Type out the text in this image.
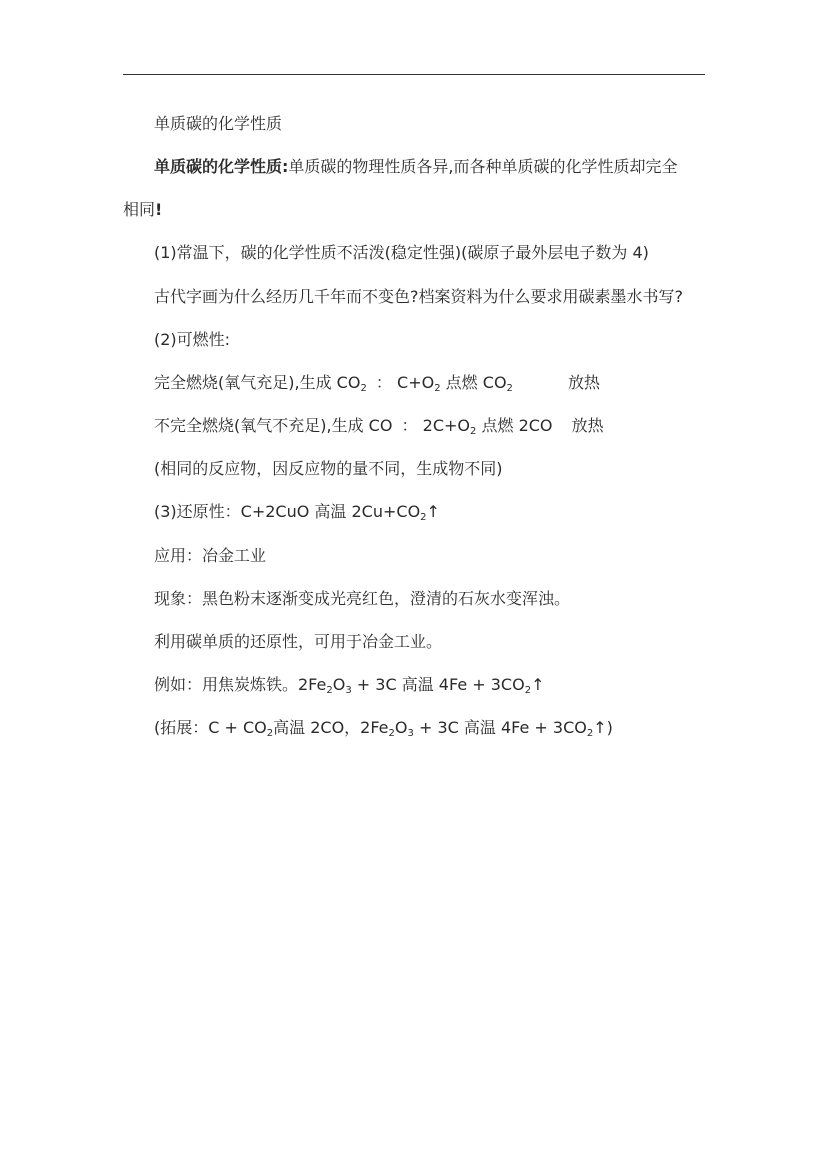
单质碳的化学性质
单质碳的化学性质:单质碳的物理性质各异,而各种单质碳的化学性质却完全
相同!
(1)常温下，碳的化学性质不活泼(稳定性强)(碳原子最外层电子数为 4)
古代字画为什么经历几千年而不变色?档案资料为什么要求用碳素墨水书写?
(2)可燃性:
完全燃烧(氧气充足),生成 $CO_2$ ： $C+O_2$ 点燃 $CO_2$	放热
不完全燃烧(氧气不充足),生成 CO ： $2C+O_2$ 点燃 2CO 放热
(相同的反应物，因反应物的量不同，生成物不同)
(3)还原性：C+2CuO 高温 $2Cu+CO_2↑$
应用：冶金工业
现象：黑色粉末逐渐变成光亮红色，澄清的石灰水变浑浊。
利用碳单质的还原性，可用于冶金工业。
例如：用焦炭炼铁。$2Fe_2O_3 + 3C$ 高温 $4Fe + 3CO_2↑$
(拓展：$C + CO_2$高温 2CO，$2Fe_2O_3 + 3C$ 高温 $4Fe + 3CO_2↑$)
